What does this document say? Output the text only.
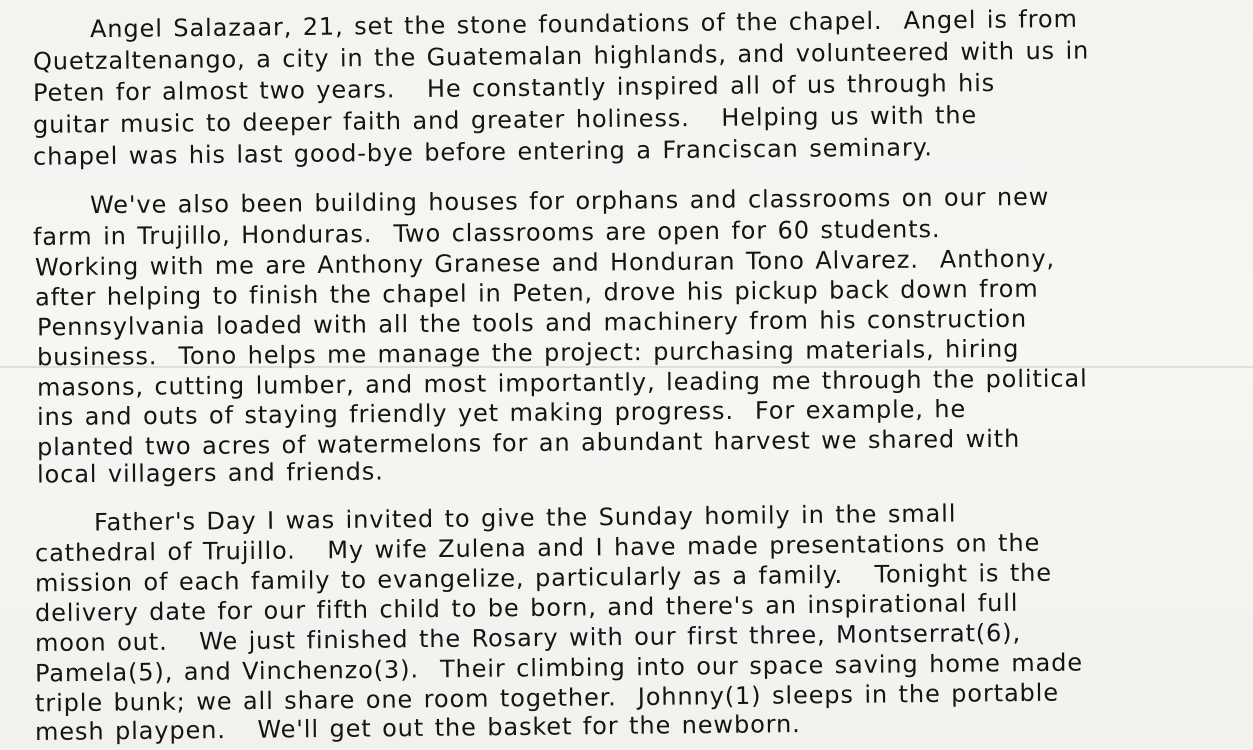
Angel Salazaar, 21, set the stone foundations of the chapel.  Angel is from
Quetzaltenango, a city in the Guatemalan highlands, and volunteered with us in
Peten for almost two years.   He constantly inspired all of us through his
guitar music to deeper faith and greater holiness.   Helping us with the
chapel was his last good-bye before entering a Franciscan seminary.
We've also been building houses for orphans and classrooms on our new
farm in Trujillo, Honduras.  Two classrooms are open for 60 students.
Working with me are Anthony Granese and Honduran Tono Alvarez.  Anthony,
after helping to finish the chapel in Peten, drove his pickup back down from
Pennsylvania loaded with all the tools and machinery from his construction
business.  Tono helps me manage the project: purchasing materials, hiring
masons, cutting lumber, and most importantly, leading me through the political
ins and outs of staying friendly yet making progress.  For example, he
planted two acres of watermelons for an abundant harvest we shared with
local villagers and friends.
Father's Day I was invited to give the Sunday homily in the small
cathedral of Trujillo.   My wife Zulena and I have made presentations on the
mission of each family to evangelize, particularly as a family.   Tonight is the
delivery date for our fifth child to be born, and there's an inspirational full
moon out.   We just finished the Rosary with our first three, Montserrat(6),
Pamela(5), and Vinchenzo(3).  Their climbing into our space saving home made
triple bunk; we all share one room together.  Johnny(1) sleeps in the portable
mesh playpen.   We'll get out the basket for the newborn.
